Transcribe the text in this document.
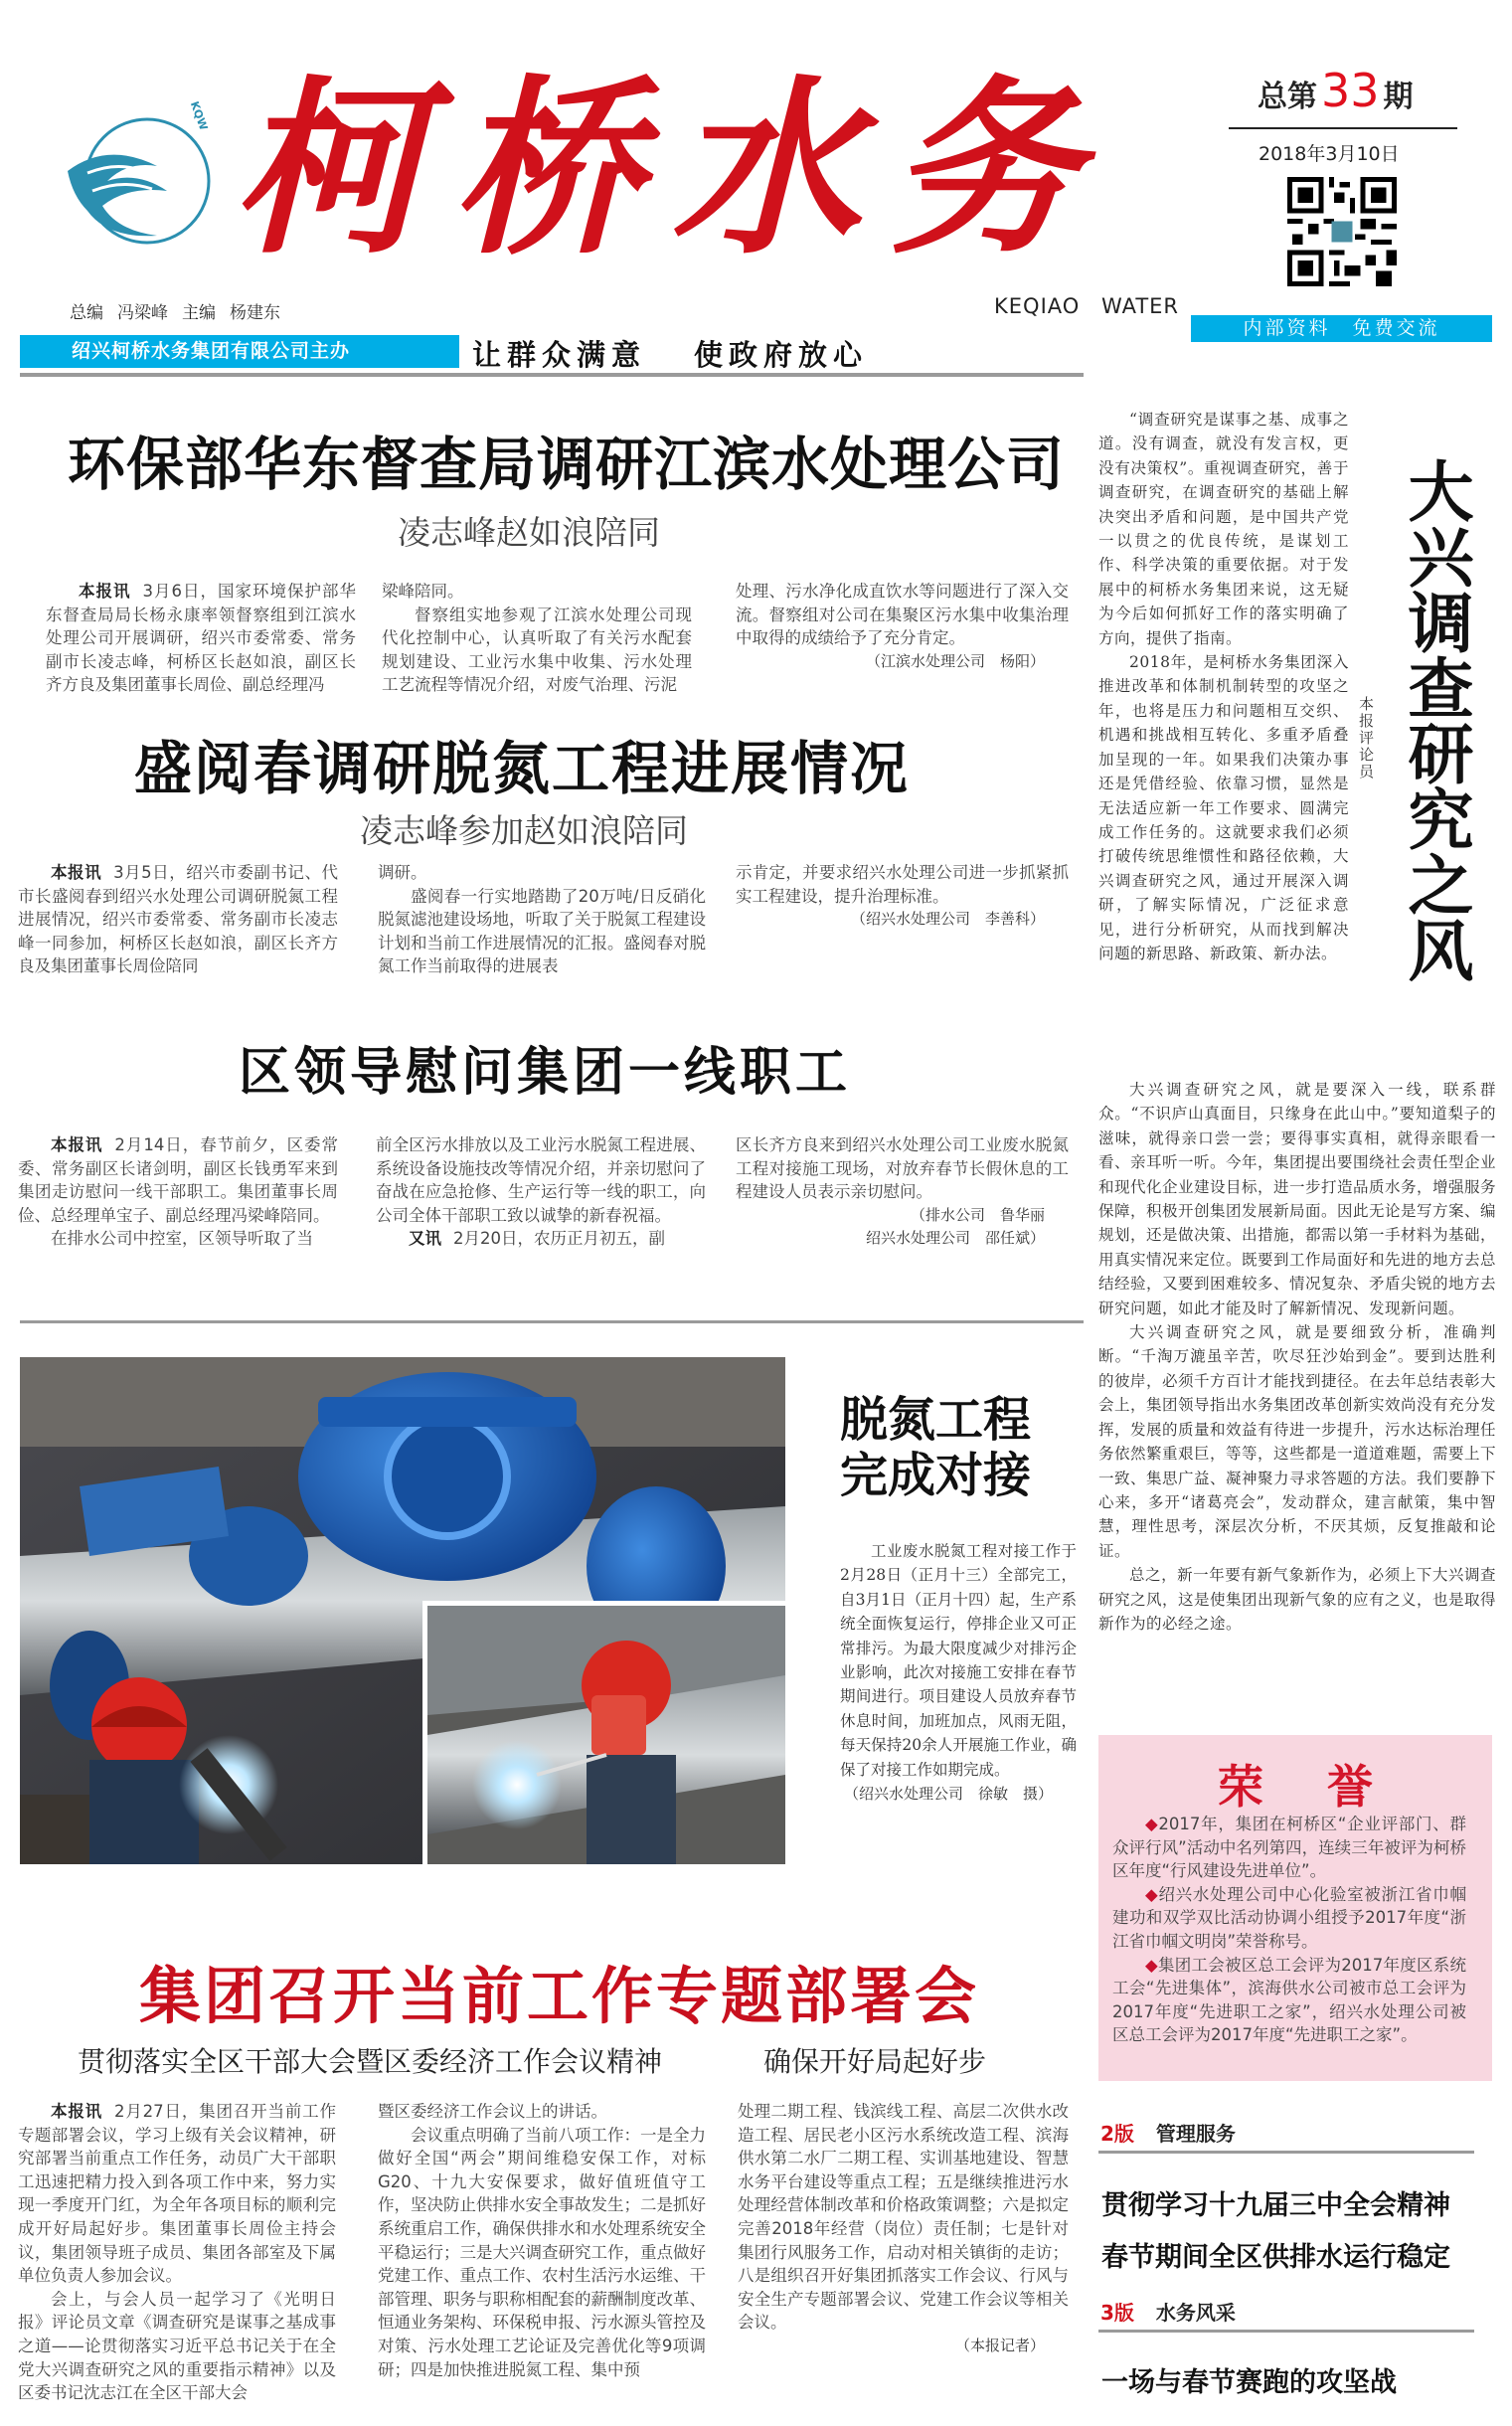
KQW 柯桥水务	总第33 期
2018年3月10日
KEQIAO WATER
内部资料　免费交流
总编 冯梁峰 主编 杨建东
绍兴柯桥水务集团有限公司主办	让群众满意 使政府放心
环保部华东督查局调研江滨水处理公司
凌志峰赵如浪陪同

本报讯 3月6日，国家环境保护部华东督查局局长杨永康率领督察组到江滨水处理公司开展调研，绍兴市委常委、常务副市长凌志峰，柯桥区长赵如浪，副区长齐方良及集团董事长周俭、副总经理冯

梁峰陪同。

督察组实地参观了江滨水处理公司现代化控制中心，认真听取了有关污水配套规划建设、工业污水集中收集、污水处理工艺流程等情况介绍，对废气治理、污泥

处理、污水净化成直饮水等问题进行了深入交流。督察组对公司在集聚区污水集中收集治理中取得的成绩给予了充分肯定。

（江滨水处理公司　杨阳）

盛阅春调研脱氮工程进展情况
凌志峰参加赵如浪陪同

本报讯 3月5日，绍兴市委副书记、代市长盛阅春到绍兴水处理公司调研脱氮工程进展情况，绍兴市委常委、常务副市长凌志峰一同参加，柯桥区长赵如浪，副区长齐方良及集团董事长周俭陪同

调研。

盛阅春一行实地踏勘了20万吨/日反硝化脱氮滤池建设场地，听取了关于脱氮工程建设计划和当前工作进展情况的汇报。盛阅春对脱氮工作当前取得的进展表

示肯定，并要求绍兴水处理公司进一步抓紧抓实工程建设，提升治理标准。

（绍兴水处理公司　李善科）

区领导慰问集团一线职工

本报讯 2月14日，春节前夕，区委常委、常务副区长诸剑明，副区长钱勇军来到集团走访慰问一线干部职工。集团董事长周俭、总经理单宝子、副总经理冯梁峰陪同。

在排水公司中控室，区领导听取了当

前全区污水排放以及工业污水脱氮工程进展、系统设备设施技改等情况介绍，并亲切慰问了奋战在应急抢修、生产运行等一线的职工，向公司全体干部职工致以诚挚的新春祝福。

又讯 2月20日，农历正月初五，副

区长齐方良来到绍兴水处理公司工业废水脱氮工程对接施工现场，对放弃春节长假休息的工程建设人员表示亲切慰问。

（排水公司　鲁华丽

绍兴水处理公司　邵任斌）

脱氮工程
完成对接

工业废水脱氮工程对接工作于2月28日（正月十三）全部完工，自3月1日（正月十四）起，生产系统全面恢复运行，停排企业又可正常排污。为最大限度减少对排污企业影响，此次对接施工安排在春节期间进行。项目建设人员放弃春节休息时间，加班加点，风雨无阻，每天保持20余人开展施工作业，确保了对接工作如期完成。

（绍兴水处理公司　徐敏　摄）

“调查研究是谋事之基、成事之道。没有调查，就没有发言权，更没有决策权”。重视调查研究，善于调查研究，在调查研究的基础上解决突出矛盾和问题，是中国共产党一以贯之的优良传统，是谋划工作、科学决策的重要依据。对于发展中的柯桥水务集团来说，这无疑为今后如何抓好工作的落实明确了方向，提供了指南。

2018年，是柯桥水务集团深入推进改革和体制机制转型的攻坚之年，也将是压力和问题相互交织、机遇和挑战相互转化、多重矛盾叠加呈现的一年。如果我们决策办事还是凭借经验、依靠习惯，显然是无法适应新一年工作要求、圆满完成工作任务的。这就要求我们必须打破传统思维惯性和路径依赖，大兴调查研究之风，通过开展深入调研，了解实际情况，广泛征求意见，进行分析研究，从而找到解决问题的新思路、新政策、新办法。

本报评论员 大兴调查研究之风

大兴调查研究之风，就是要深入一线，联系群众。“不识庐山真面目，只缘身在此山中。”要知道梨子的滋味，就得亲口尝一尝；要得事实真相，就得亲眼看一看、亲耳听一听。今年，集团提出要围绕社会责任型企业和现代化企业建设目标，进一步打造品质水务，增强服务保障，积极开创集团发展新局面。因此无论是写方案、编规划，还是做决策、出措施，都需以第一手材料为基础，用真实情况来定位。既要到工作局面好和先进的地方去总结经验，又要到困难较多、情况复杂、矛盾尖锐的地方去研究问题，如此才能及时了解新情况、发现新问题。

大兴调查研究之风，就是要细致分析，准确判断。“千淘万漉虽辛苦，吹尽狂沙始到金”。要到达胜利的彼岸，必须千方百计才能找到捷径。在去年总结表彰大会上，集团领导指出水务集团改革创新实效尚没有充分发挥，发展的质量和效益有待进一步提升，污水达标治理任务依然繁重艰巨，等等，这些都是一道道难题，需要上下一致、集思广益、凝神聚力寻求答题的方法。我们要静下心来，多开“诸葛亮会”，发动群众，建言献策，集中智慧，理性思考，深层次分析，不厌其烦，反复推敲和论证。

总之，新一年要有新气象新作为，必须上下大兴调查研究之风，这是使集团出现新气象的应有之义，也是取得新作为的必经之途。

荣誉

◆2017年，集团在柯桥区“企业评部门、群众评行风”活动中名列第四，连续三年被评为柯桥区年度“行风建设先进单位”。

◆绍兴水处理公司中心化验室被浙江省巾帼建功和双学双比活动协调小组授予2017年度“浙江省巾帼文明岗”荣誉称号。

◆集团工会被区总工会评为2017年度区系统工会“先进集体”，滨海供水公司被市总工会评为2017年度“先进职工之家”，绍兴水处理公司被区总工会评为2017年度“先进职工之家”。

2版 管理服务
贯彻学习十九届三中全会精神
春节期间全区供排水运行稳定
3版 水务风采
一场与春节赛跑的攻坚战
集团召开当前工作专题部署会
贯彻落实全区干部大会暨区委经济工作会议精神	确保开好局起好步

本报讯 2月27日，集团召开当前工作专题部署会议，学习上级有关会议精神，研究部署当前重点工作任务，动员广大干部职工迅速把精力投入到各项工作中来，努力实现一季度开门红，为全年各项目标的顺利完成开好局起好步。集团董事长周俭主持会议，集团领导班子成员、集团各部室及下属单位负责人参加会议。

会上，与会人员一起学习了《光明日报》评论员文章《调查研究是谋事之基成事之道——论贯彻落实习近平总书记关于在全党大兴调查研究之风的重要指示精神》以及区委书记沈志江在全区干部大会

暨区委经济工作会议上的讲话。

会议重点明确了当前八项工作：一是全力做好全国“两会”期间维稳安保工作，对标G20、十九大安保要求，做好值班值守工作，坚决防止供排水安全事故发生；二是抓好系统重启工作，确保供排水和水处理系统安全平稳运行；三是大兴调查研究工作，重点做好党建工作、重点工作、农村生活污水运维、干部管理、职务与职称相配套的薪酬制度改革、恒通业务架构、环保税申报、污水源头管控及对策、污水处理工艺论证及完善优化等9项调研；四是加快推进脱氮工程、集中预

处理二期工程、钱滨线工程、高层二次供水改造工程、居民老小区污水系统改造工程、滨海供水第二水厂二期工程、实训基地建设、智慧水务平台建设等重点工程；五是继续推进污水处理经营体制改革和价格政策调整；六是拟定完善2018年经营（岗位）责任制；七是针对集团行风服务工作，启动对相关镇街的走访；八是组织召开好集团抓落实工作会议、行风与安全生产专题部署会议、党建工作会议等相关会议。

（本报记者）
